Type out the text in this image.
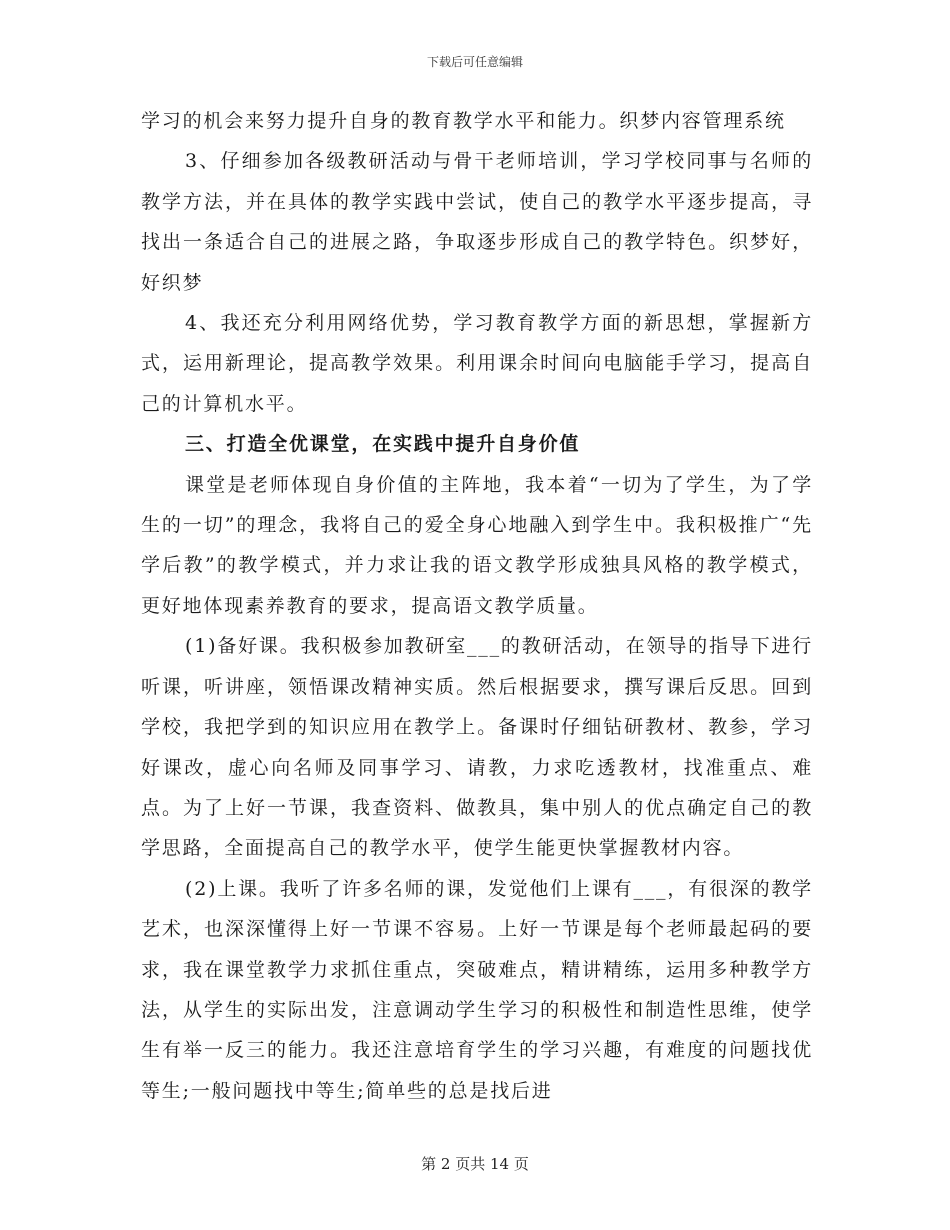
下载后可任意编辑

学习的机会来努力提升自身的教育教学水平和能力。织梦内容管理系统

3、仔细参加各级教研活动与骨干老师培训，学习学校同事与名师的教学方法，并在具体的教学实践中尝试，使自己的教学水平逐步提高，寻找出一条适合自己的进展之路，争取逐步形成自己的教学特色。织梦好，好织梦

4、我还充分利用网络优势，学习教育教学方面的新思想，掌握新方式，运用新理论，提高教学效果。利用课余时间向电脑能手学习，提高自己的计算机水平。

三、打造全优课堂，在实践中提升自身价值

课堂是老师体现自身价值的主阵地，我本着“一切为了学生，为了学生的一切”的理念，我将自己的爱全身心地融入到学生中。我积极推广“先学后教”的教学模式，并力求让我的语文教学形成独具风格的教学模式，更好地体现素养教育的要求，提高语文教学质量。

(1)备好课。我积极参加教研室___的教研活动，在领导的指导下进行听课，听讲座，领悟课改精神实质。然后根据要求，撰写课后反思。回到学校，我把学到的知识应用在教学上。备课时仔细钻研教材、教参，学习好课改，虚心向名师及同事学习、请教，力求吃透教材，找准重点、难点。为了上好一节课，我查资料、做教具，集中别人的优点确定自己的教学思路，全面提高自己的教学水平，使学生能更快掌握教材内容。

(2)上课。我听了许多名师的课，发觉他们上课有___，有很深的教学艺术，也深深懂得上好一节课不容易。上好一节课是每个老师最起码的要求，我在课堂教学力求抓住重点，突破难点，精讲精练，运用多种教学方法，从学生的实际出发，注意调动学生学习的积极性和制造性思维，使学生有举一反三的能力。我还注意培育学生的学习兴趣，有难度的问题找优等生;一般问题找中等生;简单些的总是找后进

第 2 页共 14 页
